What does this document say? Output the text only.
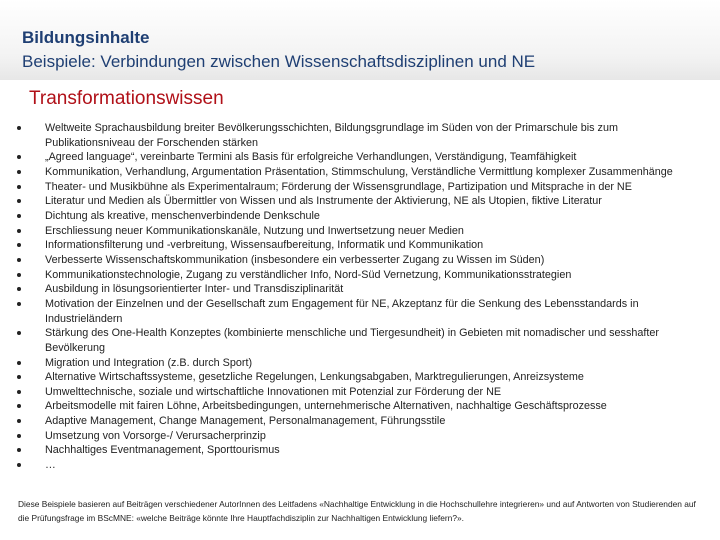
Bildungsinhalte
Beispiele: Verbindungen zwischen Wissenschaftsdisziplinen und NE
Transformationswissen
Weltweite Sprachausbildung breiter Bevölkerungsschichten, Bildungsgrundlage im Süden von der Primarschule bis zum Publikationsniveau der Forschenden stärken
„Agreed language“, vereinbarte Termini als Basis für erfolgreiche Verhandlungen, Verständigung, Teamfähigkeit
Kommunikation, Verhandlung, Argumentation Präsentation, Stimmschulung, Verständliche Vermittlung komplexer Zusammenhänge
Theater- und Musikbühne als Experimentalraum; Förderung der Wissensgrundlage, Partizipation und Mitsprache in der NE
Literatur und Medien als Übermittler von Wissen und als Instrumente der Aktivierung, NE als Utopien, fiktive Literatur
Dichtung als kreative, menschenverbindende Denkschule
Erschliessung neuer Kommunikationskanäle, Nutzung und Inwertsetzung neuer Medien
Informationsfilterung und -verbreitung, Wissensaufbereitung, Informatik und Kommunikation
Verbesserte Wissenschaftskommunikation (insbesondere ein verbesserter Zugang zu Wissen im Süden)
Kommunikationstechnologie, Zugang zu verständlicher Info, Nord-Süd Vernetzung, Kommunikationsstrategien
Ausbildung in lösungsorientierter Inter- und Transdisziplinarität
Motivation der Einzelnen und der Gesellschaft zum Engagement für NE, Akzeptanz für die Senkung des Lebensstandards in Industrieländern
Stärkung des One-Health Konzeptes (kombinierte menschliche und Tiergesundheit) in Gebieten mit nomadischer und sesshafter Bevölkerung
Migration und Integration (z.B. durch Sport)
Alternative Wirtschaftssysteme, gesetzliche Regelungen, Lenkungsabgaben, Marktregulierungen, Anreizsysteme
Umwelttechnische, soziale und wirtschaftliche Innovationen mit Potenzial zur Förderung der NE
Arbeitsmodelle mit fairen Löhne, Arbeitsbedingungen, unternehmerische Alternativen, nachhaltige Geschäftsprozesse
Adaptive Management, Change Management, Personalmanagement, Führungsstile
Umsetzung von Vorsorge-/ Verursacherprinzip
Nachhaltiges Eventmanagement, Sporttourismus
…
Diese Beispiele basieren auf Beiträgen verschiedener AutorInnen des Leitfadens «Nachhaltige Entwicklung in die Hochschullehre integrieren» und auf Antworten von Studierenden auf die Prüfungsfrage im BScMNE: «welche Beiträge könnte Ihre Hauptfachdisziplin zur Nachhaltigen Entwicklung liefern?».
